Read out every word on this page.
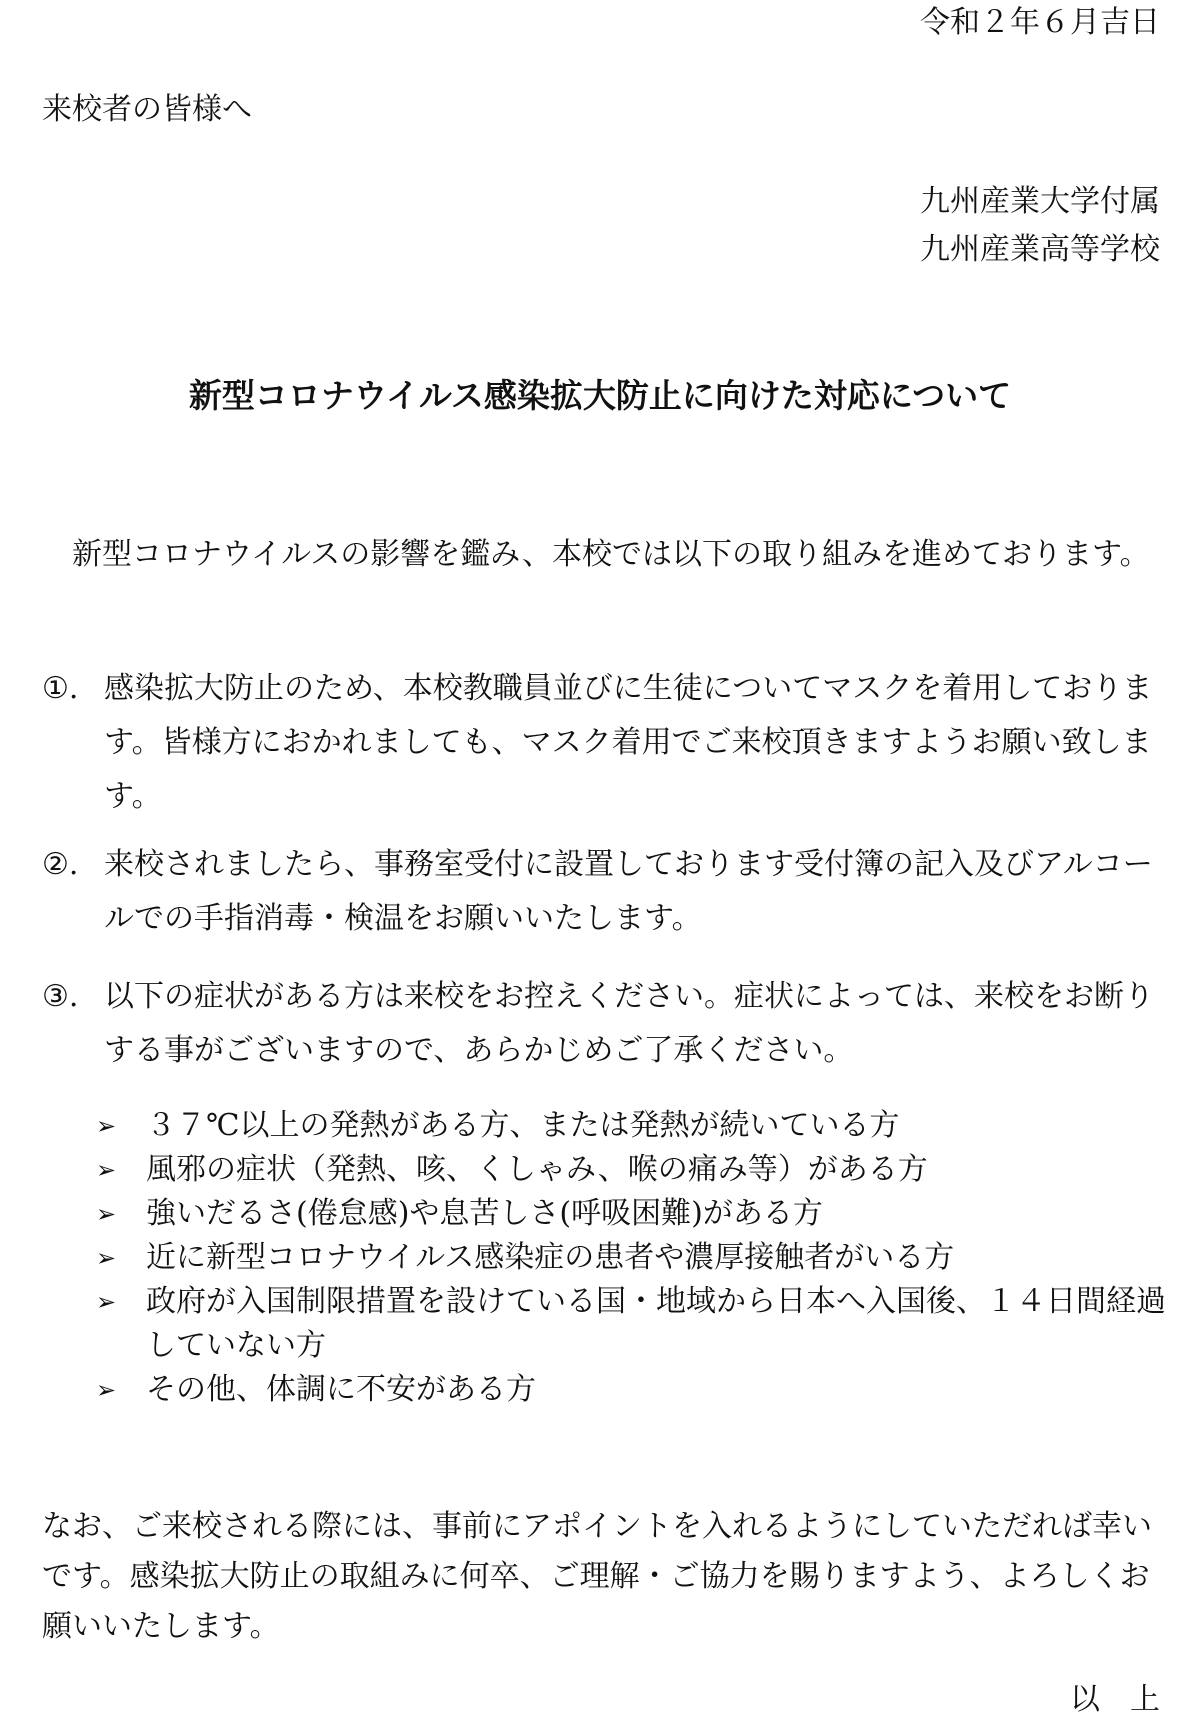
令和２年６月吉日
来校者の皆様へ
九州産業大学付属
九州産業高等学校
新型コロナウイルス感染拡大防止に向けた対応について
新型コロナウイルスの影響を鑑み、本校では以下の取り組みを進めております。
①. 感染拡大防止のため、本校教職員並びに生徒についてマスクを着用しております。皆様方におかれましても、マスク着用でご来校頂きますようお願い致します。
②. 来校されましたら、事務室受付に設置しております受付簿の記入及びアルコールでの手指消毒・検温をお願いいたします。
③. 以下の症状がある方は来校をお控えください。症状によっては、来校をお断りする事がございますので、あらかじめご了承ください。
➢ ３７℃以上の発熱がある方、または発熱が続いている方
➢ 風邪の症状（発熱、咳、くしゃみ、喉の痛み等）がある方
➢ 強いだるさ(倦怠感)や息苦しさ(呼吸困難)がある方
➢ 近に新型コロナウイルス感染症の患者や濃厚接触者がいる方
➢ 政府が入国制限措置を設けている国・地域から日本へ入国後、１４日間経過していない方
➢ その他、体調に不安がある方
なお、ご来校される際には、事前にアポイントを入れるようにしていただれば幸いです。感染拡大防止の取組みに何卒、ご理解・ご協力を賜りますよう、よろしくお願いいたします。
以　上
